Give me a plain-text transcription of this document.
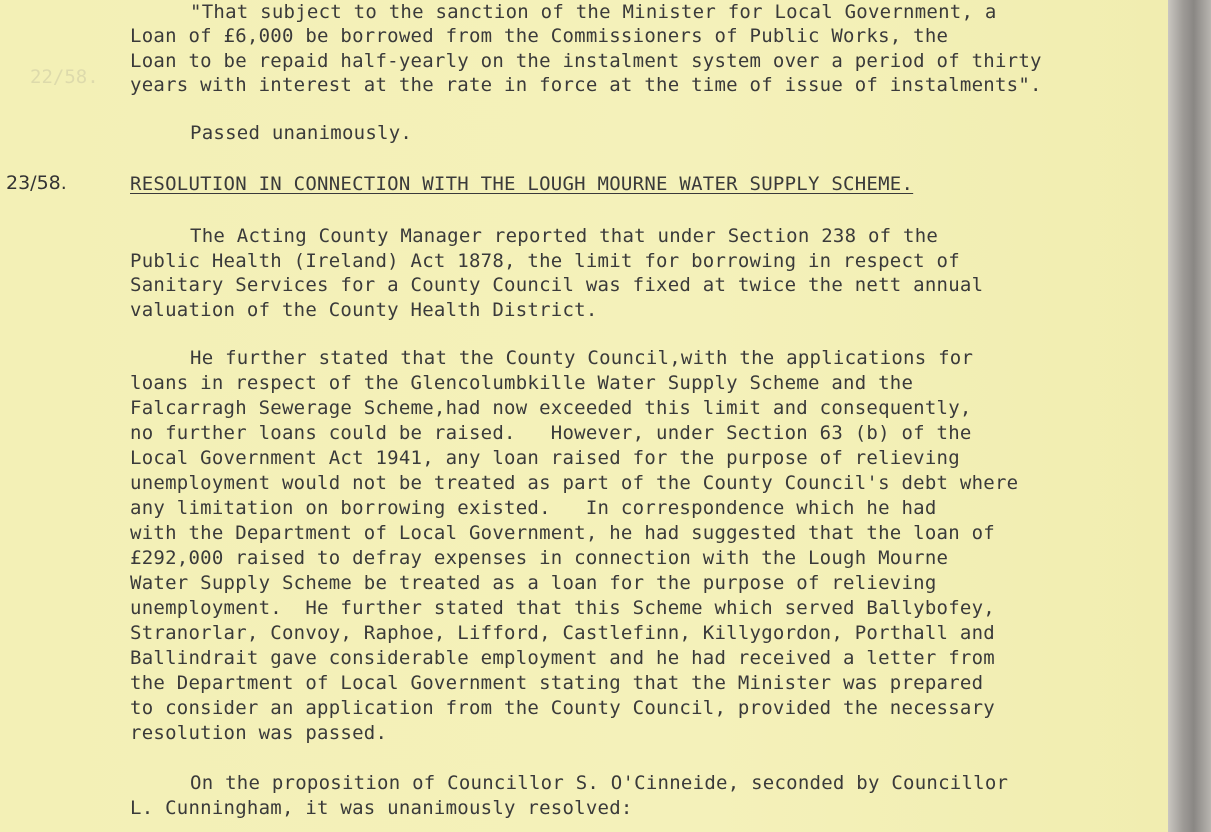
22/58.
"That subject to the sanction of the Minister for Local Government, a
Loan of £6,000 be borrowed from the Commissioners of Public Works, the
Loan to be repaid half-yearly on the instalment system over a period of thirty
years with interest at the rate in force at the time of issue of instalments".
Passed unanimously.
23/58.	RESOLUTION IN CONNECTION WITH THE LOUGH MOURNE WATER SUPPLY SCHEME.
The Acting County Manager reported that under Section 238 of the
Public Health (Ireland) Act 1878, the limit for borrowing in respect of
Sanitary Services for a County Council was fixed at twice the nett annual
valuation of the County Health District.
He further stated that the County Council,with the applications for
loans in respect of the Glencolumbkille Water Supply Scheme and the
Falcarragh Sewerage Scheme,had now exceeded this limit and consequently,
no further loans could be raised.   However, under Section 63 (b) of the
Local Government Act 1941, any loan raised for the purpose of relieving
unemployment would not be treated as part of the County Council's debt where
any limitation on borrowing existed.   In correspondence which he had
with the Department of Local Government, he had suggested that the loan of
£292,000 raised to defray expenses in connection with the Lough Mourne
Water Supply Scheme be treated as a loan for the purpose of relieving
unemployment.  He further stated that this Scheme which served Ballybofey,
Stranorlar, Convoy, Raphoe, Lifford, Castlefinn, Killygordon, Porthall and
Ballindrait gave considerable employment and he had received a letter from
the Department of Local Government stating that the Minister was prepared
to consider an application from the County Council, provided the necessary
resolution was passed.
On the proposition of Councillor S. O'Cinneide, seconded by Councillor
L. Cunningham, it was unanimously resolved:
